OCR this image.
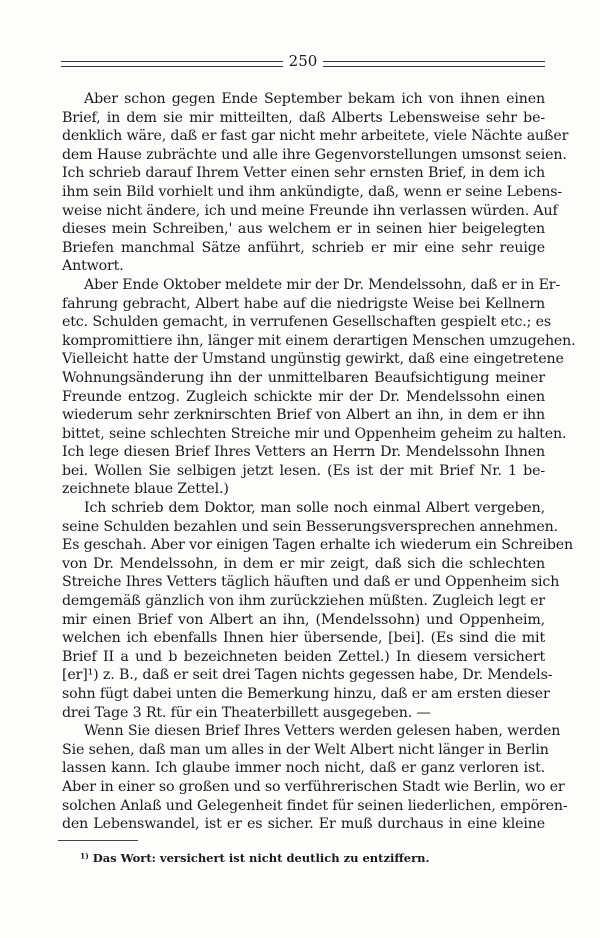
250
Aber schon gegen Ende September bekam ich von ihnen einen
Brief, in dem sie mir mitteilten, daß Alberts Lebensweise sehr be-
denklich wäre, daß er fast gar nicht mehr arbeitete, viele Nächte außer
dem Hause zubrächte und alle ihre Gegenvorstellungen umsonst seien.
Ich schrieb darauf Ihrem Vetter einen sehr ernsten Brief, in dem ich
ihm sein Bild vorhielt und ihm ankündigte, daß, wenn er seine Lebens-
weise nicht ändere, ich und meine Freunde ihn verlassen würden. Auf
dieses mein Schreiben,' aus welchem er in seinen hier beigelegten
Briefen manchmal Sätze anführt, schrieb er mir eine sehr reuige
Antwort.
Aber Ende Oktober meldete mir der Dr. Mendelssohn, daß er in Er-
fahrung gebracht, Albert habe auf die niedrigste Weise bei Kellnern
etc. Schulden gemacht, in verrufenen Gesellschaften gespielt etc.; es
kompromittiere ihn, länger mit einem derartigen Menschen umzugehen.
Vielleicht hatte der Umstand ungünstig gewirkt, daß eine eingetretene
Wohnungsänderung ihn der unmittelbaren Beaufsichtigung meiner
Freunde entzog. Zugleich schickte mir der Dr. Mendelssohn einen
wiederum sehr zerknirschten Brief von Albert an ihn, in dem er ihn
bittet, seine schlechten Streiche mir und Oppenheim geheim zu halten.
Ich lege diesen Brief Ihres Vetters an Herrn Dr. Mendelssohn Ihnen
bei. Wollen Sie selbigen jetzt lesen. (Es ist der mit Brief Nr. 1 be-
zeichnete blaue Zettel.)
Ich schrieb dem Doktor, man solle noch einmal Albert vergeben,
seine Schulden bezahlen und sein Besserungsversprechen annehmen.
Es geschah. Aber vor einigen Tagen erhalte ich wiederum ein Schreiben
von Dr. Mendelssohn, in dem er mir zeigt, daß sich die schlechten
Streiche Ihres Vetters täglich häuften und daß er und Oppenheim sich
demgemäß gänzlich von ihm zurückziehen müßten. Zugleich legt er
mir einen Brief von Albert an ihn, (Mendelssohn) und Oppenheim,
welchen ich ebenfalls Ihnen hier übersende, [bei]. (Es sind die mit
Brief II a und b bezeichneten beiden Zettel.) In diesem versichert
[er]¹) z. B., daß er seit drei Tagen nichts gegessen habe, Dr. Mendels-
sohn fügt dabei unten die Bemerkung hinzu, daß er am ersten dieser
drei Tage 3 Rt. für ein Theaterbillett ausgegeben. —
Wenn Sie diesen Brief Ihres Vetters werden gelesen haben, werden
Sie sehen, daß man um alles in der Welt Albert nicht länger in Berlin
lassen kann. Ich glaube immer noch nicht, daß er ganz verloren ist.
Aber in einer so großen und so verführerischen Stadt wie Berlin, wo er
solchen Anlaß und Gelegenheit findet für seinen liederlichen, empören-
den Lebenswandel, ist er es sicher. Er muß durchaus in eine kleine
$^{1)}$ Das Wort: versichert ist nicht deutlich zu entziffern.
